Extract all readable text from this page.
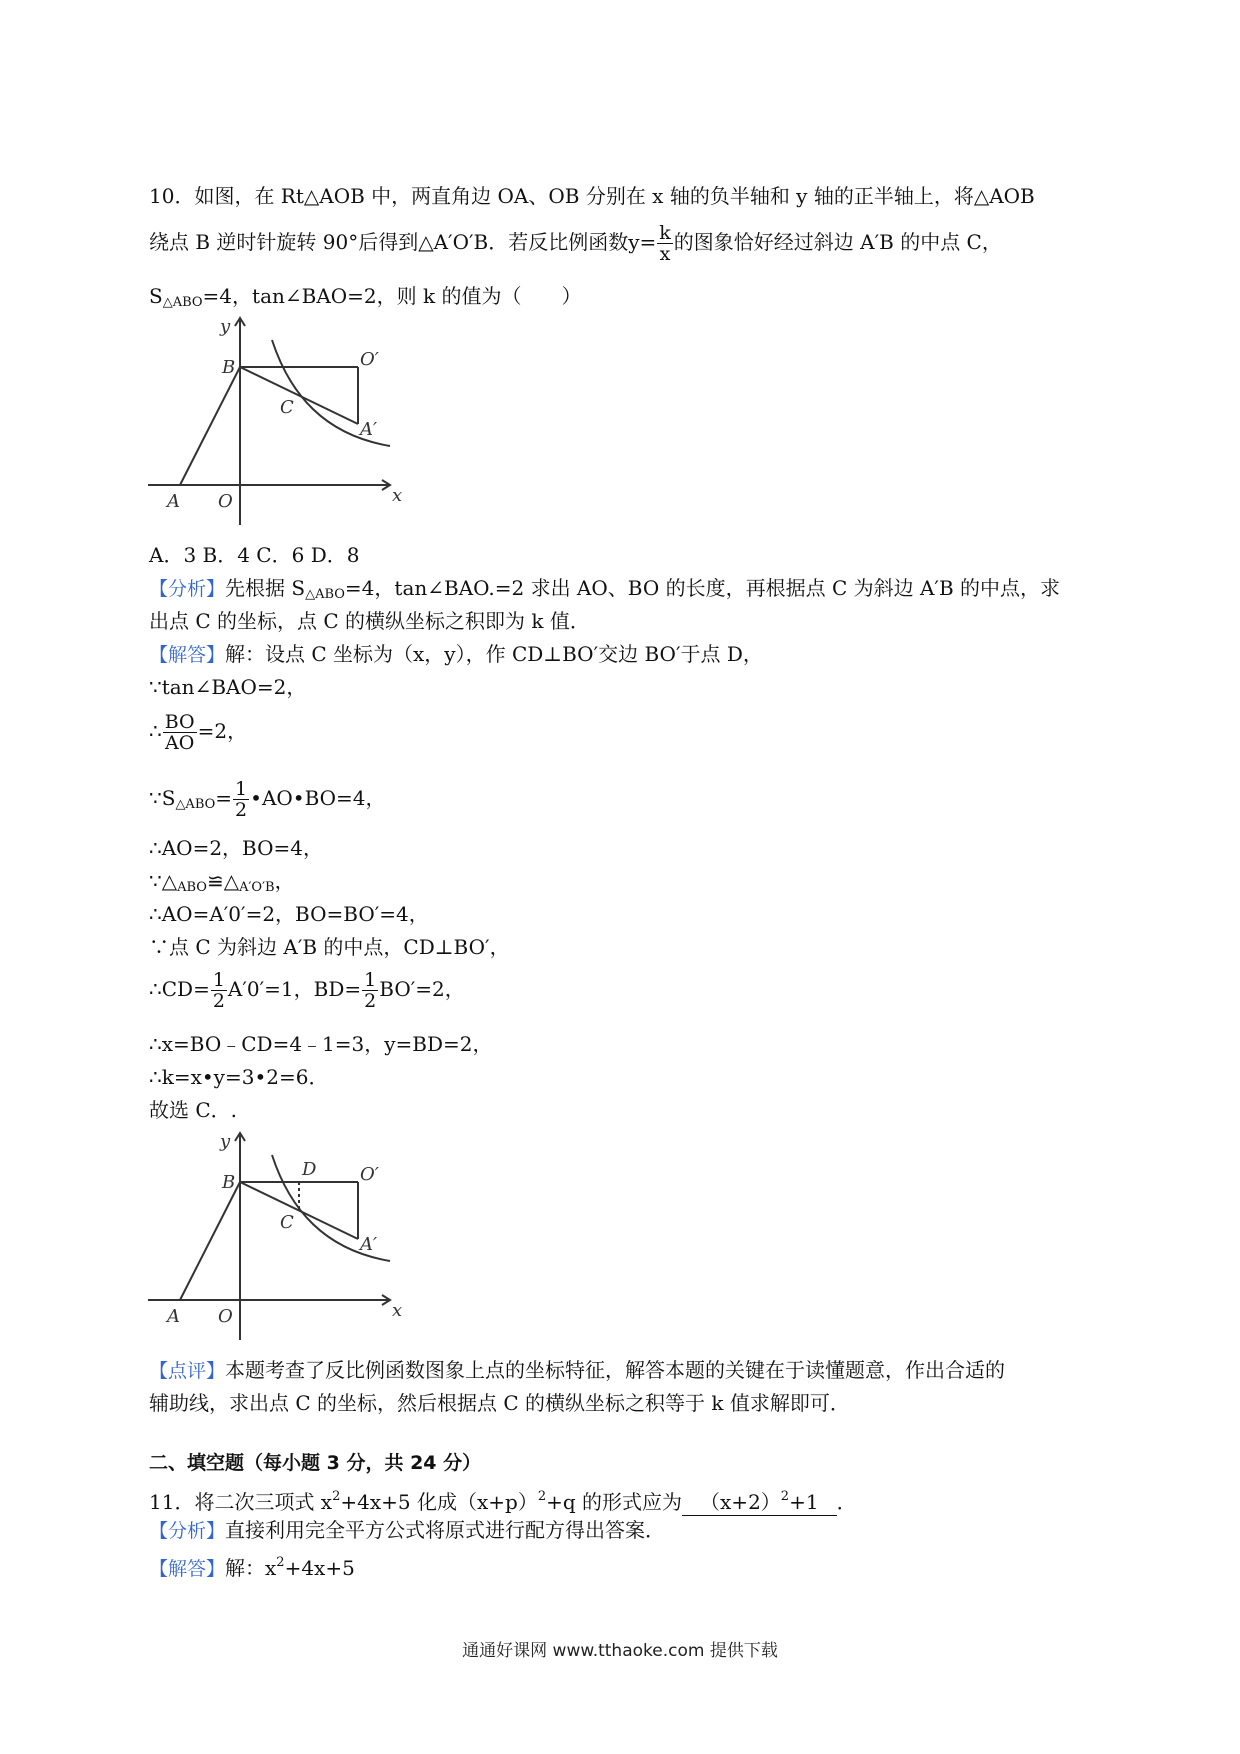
10．如图，在 Rt△AOB 中，两直角边 OA、OB 分别在 x 轴的负半轴和 y 轴的正半轴上，将△AOB
绕点 B 逆时针旋转 90°后得到△A′O′B．若反比例函数$y= \frac{k}{x}$ 的图象恰好经过斜边 A′B 的中点 C，
$S_{\triangle ABO}=4$，tan∠BAO=2，则 k 的值为（　　）
y
x
B	O′
C
A′
A O
A．3 B．4 C．6 D．8
【分析】先根据 $S_{\triangle ABO}=4$，tan∠BAO.=2 求出 AO、BO 的长度，再根据点 C 为斜边 A′B 的中点，求
出点 C 的坐标，点 C 的横纵坐标之积即为 k 值．
【解答】解：设点 C 坐标为（x，y），作 CD⊥BO′交边 BO′于点 D，
∵tan∠BAO=2，
∴ $\frac{BO}{AO} =2$，
$\because S_{\triangle ABO}= \frac{1}{2}$ •AO•BO=4，
∴AO=2，BO=4，
$\because\triangle_{ABO}≌\triangle_{A'O'B}$，
∴AO=A′0′=2，BO=BO′=4，
∵点 C 为斜边 A′B 的中点，CD⊥BO′，
∴CD= $\frac{1}{2} A'0'=1$，$BD= \frac{1}{2} BO'=2$，
∴x=BO﹣CD=4﹣1=3，y=BD=2，
∴k=x•y=3•2=6．
故选 C．.
y
x
B
D O′
C
A′
A O
【点评】本题考查了反比例函数图象上点的坐标特征，解答本题的关键在于读懂题意，作出合适的
辅助线，求出点 C 的坐标，然后根据点 C 的横纵坐标之积等于 k 值求解即可．
二、填空题（每小题 3 分，共 24 分）
11．将二次三项式 $x^2+4x+5$ 化成$(x+p)^2+q$ 的形式应为 $(x+2)^2+1$ ．
【分析】直接利用完全平方公式将原式进行配方得出答案．
【解答】解：$x^2+4x+5$
通通好课网 www.tthaoke.com 提供下载
